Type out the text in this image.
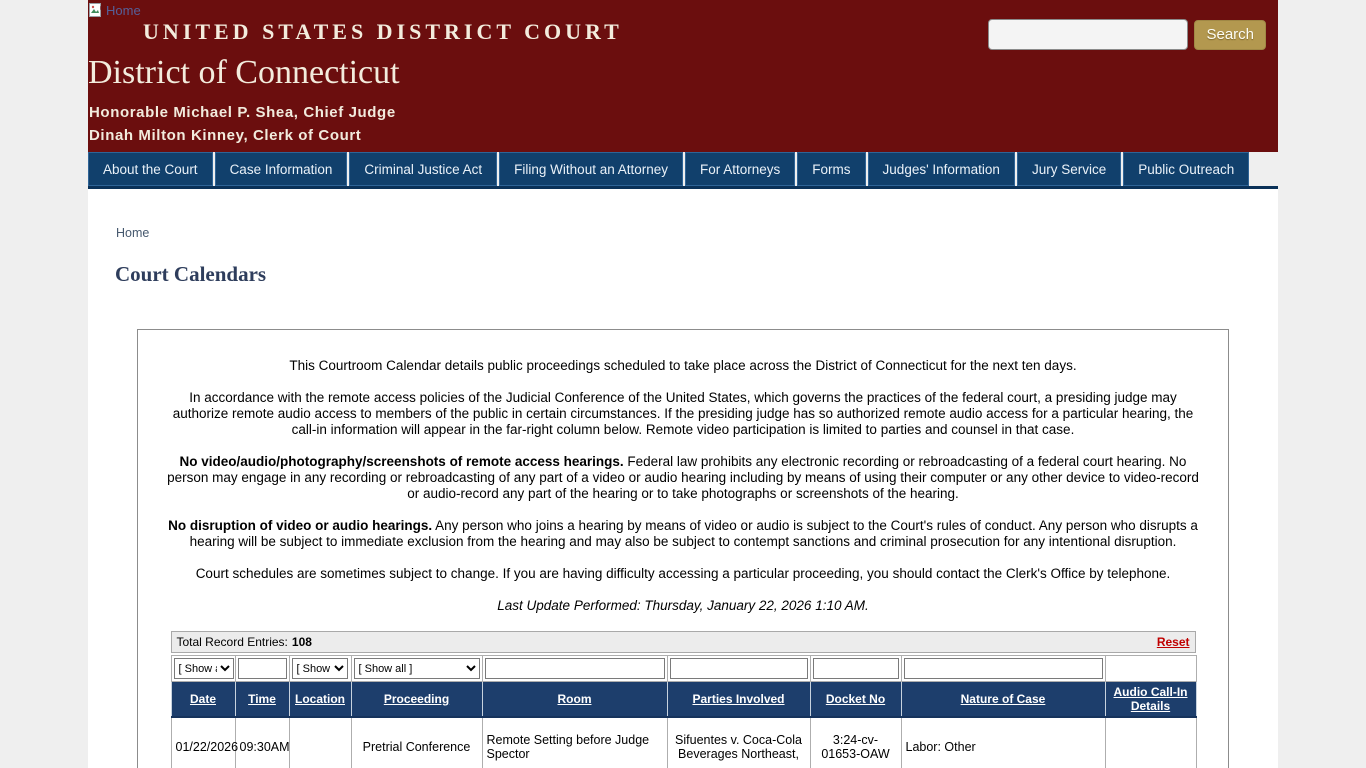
Home
UNITED STATES DISTRICT COURT
District of Connecticut
Honorable Michael P. Shea, Chief Judge
Dinah Milton Kinney, Clerk of Court
Search
About the Court	Case Information	Criminal Justice Act	Filing Without an Attorney	For Attorneys	Forms	Judges' Information	Jury Service	Public Outreach
Home
Court Calendars

This Courtroom Calendar details public proceedings scheduled to take place across the District of Connecticut for the next ten days.

In accordance with the remote access policies of the Judicial Conference of the United States, which governs the practices of the federal court, a presiding judge may authorize remote audio access to members of the public in certain circumstances. If the presiding judge has so authorized remote audio access for a particular hearing, the call-in information will appear in the far-right column below. Remote video participation is limited to parties and counsel in that case.

No video/audio/photography/screenshots of remote access hearings. Federal law prohibits any electronic recording or rebroadcasting of a federal court hearing. No person may engage in any recording or rebroadcasting of any part of a video or audio hearing including by means of using their computer or any other device to video-record or audio-record any part of the hearing or to take photographs or screenshots of the hearing.

No disruption of video or audio hearings. Any person who joins a hearing by means of video or audio is subject to the Court's rules of conduct. Any person who disrupts a hearing will be subject to immediate exclusion from the hearing and may also be subject to contempt sanctions and criminal prosecution for any intentional disruption.

Court schedules are sometimes subject to change. If you are having difficulty accessing a particular proceeding, you should contact the Clerk's Office by telephone.

Last Update Performed: Thursday, January 22, 2026 1:10 AM.

Total Record Entries: 108	Reset
[ Show all ]		
[ Show all ]	
[ Show all ]					
Date	Time	Location	Proceeding	Room	Parties Involved	Docket No	Nature of Case	Audio Call-In Details
01/22/2026	09:30AM		Pretrial Conference	Remote Setting before Judge Spector	Sifuentes v. Coca-Cola Beverages Northeast,	3:24-cv-01653-OAW	Labor: Other	
